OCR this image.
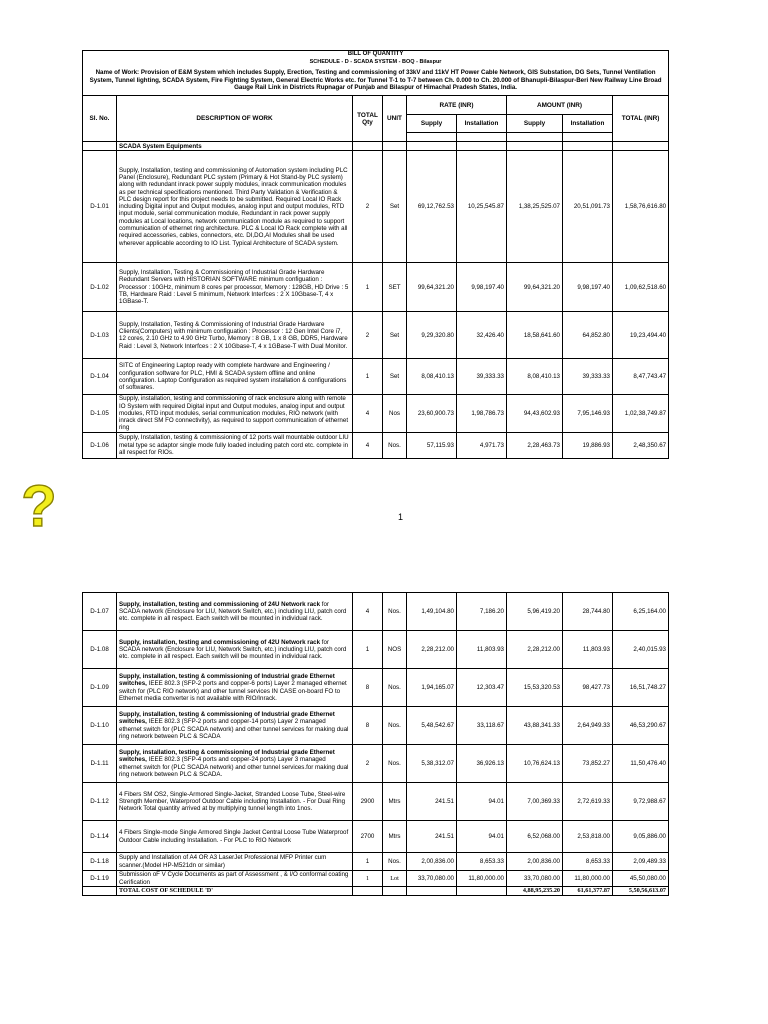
BILL OF QUANTITY								
SCHEDULE - D - SCADA SYSTEM - BOQ - Bilaspur								
Name of Work: Provision of E&M System which includes Supply, Erection, Testing and commissioning of 33kV and 11kV HT Power Cable Network, GIS Substation, DG Sets, Tunnel Ventilation System, Tunnel lighting, SCADA System, Fire Fighting System, General Electric Works etc. for Tunnel T-1 to T-7 between Ch. 0.000 to Ch. 20.000 of Bhanupli-Bilaspur-Beri New Railway Line Broad Gauge Rail Link in Districts Rupnagar of Punjab and Bilaspur of Himachal Pradesh States, India.								
Sl. No.	DESCRIPTION OF WORK	TOTAL Qty	UNIT	RATE (INR)		AMOUNT (INR)		TOTAL (INR)
				Supply	Installation	Supply	Installation	

	SCADA System Equipments							
D-1.01	Supply, Installation, testing and commissioning of Automation system including PLC Panel (Enclosure), Redundant PLC system (Primary & Hot Stand-by PLC system) along with redundant inrack power supply modules, inrack communication modules as per technical specifications mentioned. Third Party Validation & Verification & PLC design report for this project needs to be submitted. Required Local IO Rack including Digital input and Output modules, analog input and output modules, RTD input module, serial communication module, Redundant in rack power supply modules at Local locations, network communication module as required to support communication of ethernet ring architecture. PLC & Local IO Rack complete with all required accessories, cables, connectors, etc. DI,DO,AI Modules shall be used wherever applicable according to IO List. Typical Architecture of SCADA system.	2	Set	69,12,762.53	10,25,545.87	1,38,25,525.07	20,51,091.73	1,58,76,616.80
D-1.02	Supply, Installation, Testing & Commissioning of Industrial Grade Hardware Redundant Servers with HISTORIAN SOFTWARE minimum configuation : Processor : 10GHz, minimum 8 cores per processor, Memory : 128GB, HD Drive : 5 TB, Hardware Raid : Level 5 minimum, Network Interfces : 2 X 10Gbase-T, 4 x 1GBase-T.	1	SET	99,64,321.20	9,98,197.40	99,64,321.20	9,98,197.40	1,09,62,518.60
D-1.03	Supply, Installation, Testing & Commissioning of Industrial Grade Hardware Clients(Computers) with minimum configuation : Processor : 12 Gen Intel Core i7, 12 cores, 2.10 GHz to 4.90 GHz Turbo, Memory : 8 GB, 1 x 8 GB, DDR5, Hardware Raid : Level 3, Network Interfces : 2 X 10Gbase-T, 4 x 1GBase-T with Dual Monitor.	2	Set	9,29,320.80	32,426.40	18,58,641.60	64,852.80	19,23,494.40
D-1.04	SITC of Engineering Laptop ready with complete hardware and Engineering / configuration software for PLC, HMI & SCADA system offline and online configuration. Laptop Configuration as required system installation & configurations of softwares.	1	Set	8,08,410.13	39,333.33	8,08,410.13	39,333.33	8,47,743.47
D-1.05	Supply, installation, testing and commissioning of rack enclosure along with remote IO System with required Digital input and Output modules, analog input and output modules, RTD input modules, serial communication modules, RIO network (with inrack direct SM FO connectivity), as required to support communication of ethernet ring	4	Nos	23,60,900.73	1,98,786.73	94,43,602.93	7,95,146.93	1,02,38,749.87
D-1.06	Supply, Installation, testing & commissioning of 12 ports wall mountable outdoor LIU metal type sc adaptor single mode fully loaded including patch cord etc. complete in all respect for RIOs.	4	Nos.	57,115.93	4,971.73	2,28,463.73	19,886.93	2,48,350.67
?	1
D-1.07	Supply, installation, testing and commissioning of 24U Network rack for SCADA network (Enclosure for LIU, Network Switch, etc.) including LIU, patch cord etc. complete in all respect. Each switch will be mounted in individual rack.	4	Nos.	1,49,104.80	7,186.20	5,96,419.20	28,744.80	6,25,164.00
D-1.08	Supply, installation, testing and commissioning of 42U Network rack for SCADA network (Enclosure for LIU, Network Switch, etc.) including LIU, patch cord etc. complete in all respect. Each switch will be mounted in individual rack.	1	NOS	2,28,212.00	11,803.93	2,28,212.00	11,803.93	2,40,015.93
D-1.09	Supply, installation, testing & commissioning of Industrial grade Ethernet switches, IEEE 802.3 (SFP-2 ports and copper-6 ports) Layer 2 managed ethernet switch for (PLC RIO network) and other tunnel services IN CASE on-board FO to Ethernet media converter is not available with RIO/Inrack.	8	Nos.	1,94,165.07	12,303.47	15,53,320.53	98,427.73	16,51,748.27
D-1.10	Supply, installation, testing & commissioning of Industrial grade Ethernet switches, IEEE 802.3 (SFP-2 ports and copper-14 ports) Layer 2 managed ethernet switch for (PLC SCADA network) and other tunnel services for making dual ring network between PLC & SCADA	8	Nos.	5,48,542.67	33,118.67	43,88,341.33	2,64,949.33	46,53,290.67
D-1.11	Supply, installation, testing & commissioning of Industrial grade Ethernet switches, IEEE 802.3 (SFP-4 ports and copper-24 ports) Layer 3 managed ethernet switch for (PLC SCADA network) and other tunnel services.for making dual ring network between PLC & SCADA.	2	Nos.	5,38,312.07	36,926.13	10,76,624.13	73,852.27	11,50,476.40
D-1.12	4 Fibers SM OS2, Single-Armored Single-Jacket, Stranded Loose Tube, Steel-wire Strength Member, Waterproof Outdoor Cable including Installation. - For Dual Ring Network Total quantity arrived at by multiplying tunnel length into 1nos.	2900	Mtrs	241.51	94.01	7,00,369.33	2,72,619.33	9,72,988.67
D-1.14	4 Fibers Single-mode Single Armored Single Jacket Central Loose Tube Waterproof Outdoor Cable including Installation. - For PLC to RIO Network	2700	Mtrs	241.51	94.01	6,52,068.00	2,53,818.00	9,05,886.00
D-1.18	Supply and Installation of A4 OR A3 LaserJet Professional MFP Printer cum scanner.(Model HP-M521dn or similar)	1	Nos.	2,00,836.00	8,653.33	2,00,836.00	8,653.33	2,09,489.33
D-1.19	Submission oF V Cycle Documents as part of Assessment , & I/O conformal coating Cerification	1	Lot	33,70,080.00	11,80,000.00	33,70,080.00	11,80,000.00	45,50,080.00
	TOTAL COST OF SCHEDULE 'D'					4,88,95,235.20	61,61,377.87	5,50,56,613.07
